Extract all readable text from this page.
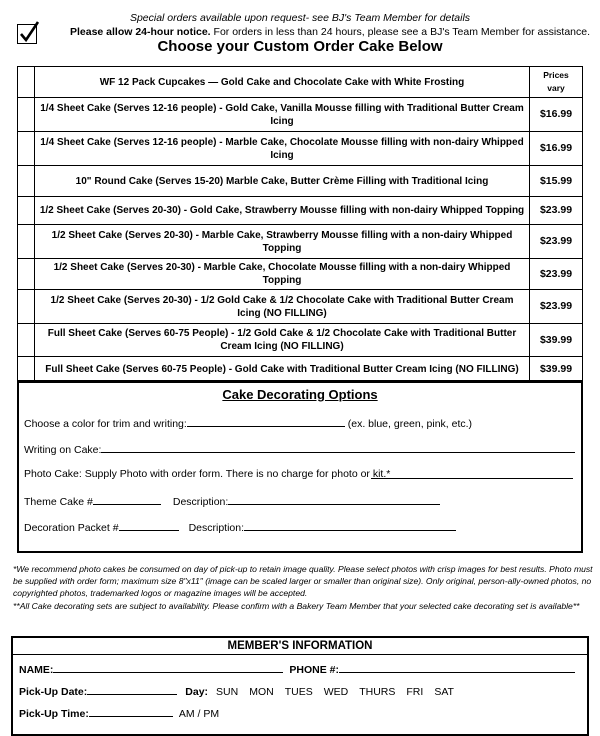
Special orders available upon request- see BJ's Team Member for details
Please allow 24-hour notice. For orders in less than 24 hours, please see a BJ's Team Member for assistance.
Choose your Custom Order Cake Below
	WF 12 Pack Cupcakes — Gold Cake and Chocolate Cake with White Frosting	Prices vary
	1/4 Sheet Cake (Serves 12-16 people) - Gold Cake, Vanilla Mousse filling with Traditional Butter Cream Icing	$16.99
	1/4 Sheet Cake (Serves 12-16 people) - Marble Cake, Chocolate Mousse filling with non-dairy Whipped Icing	$16.99
	10" Round Cake (Serves 15-20) Marble Cake, Butter Crème Filling with Traditional Icing	$15.99
	1/2 Sheet Cake (Serves 20-30) - Gold Cake, Strawberry Mousse filling with non-dairy Whipped Topping	$23.99
	1/2 Sheet Cake (Serves 20-30) - Marble Cake, Strawberry Mousse filling with a non-dairy Whipped Topping	$23.99
	1/2 Sheet Cake (Serves 20-30) - Marble Cake, Chocolate Mousse filling with a non-dairy Whipped Topping	$23.99
	1/2 Sheet Cake (Serves 20-30) - 1/2 Gold Cake & 1/2 Chocolate Cake with Traditional Butter Cream Icing (NO FILLING)	$23.99
	Full Sheet Cake (Serves 60-75 People) - 1/2 Gold Cake & 1/2 Chocolate Cake with Traditional Butter Cream Icing (NO FILLING)	$39.99
	Full Sheet Cake (Serves 60-75 People) - Gold Cake with Traditional Butter Cream Icing (NO FILLING)	$39.99
Cake Decorating Options
Choose a color for trim and writing:	(ex. blue, green, pink, etc.)
Writing on Cake:
Photo Cake: Supply Photo with order form. There is no charge for photo or kit.*
Theme Cake #	Description:
Decoration Packet #	Description:
*We recommend photo cakes be consumed on day of pick-up to retain image quality. Please select photos with crisp images for best results. Photo must be supplied with order form; maximum size 8"x11" (image can be scaled larger or smaller than original size). Only original, person-ally-owned photos, no copyrighted photos, trademarked logos or magazine images will be accepted.
**All Cake decorating sets are subject to availability. Please confirm with a Bakery Team Member that your selected cake decorating set is available**
MEMBER'S INFORMATION
NAME:	PHONE #:
Pick-Up Date:	Day: SUN MON TUES WED THURS FRI SAT
Pick-Up Time:	AM / PM
